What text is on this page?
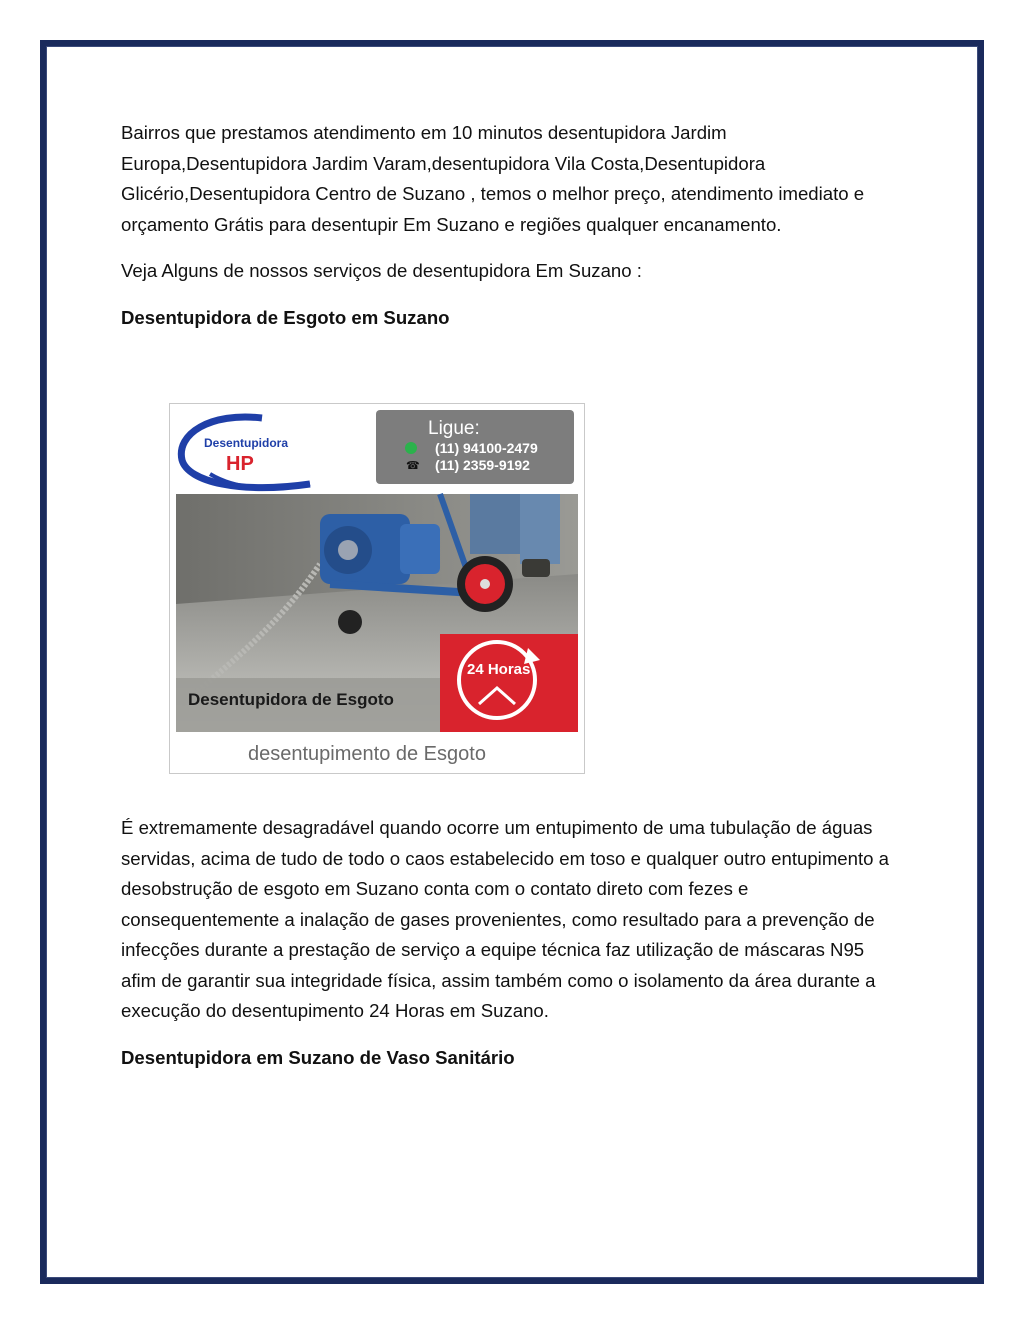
Bairros que prestamos atendimento em 10 minutos desentupidora Jardim Europa,Desentupidora Jardim Varam,desentupidora Vila Costa,Desentupidora Glicério,Desentupidora Centro de Suzano , temos o melhor preço, atendimento imediato e orçamento Grátis para desentupir Em Suzano e regiões qualquer encanamento.

Veja Alguns de nossos serviços de desentupidora Em Suzano :

Desentupidora de Esgoto em Suzano

Desentupidora
HP
Ligue:
☎
(11) 94100-2479
(11) 2359-9192
24 Horas
Desentupidora de Esgoto
desentupimento de Esgoto

É extremamente desagradável quando ocorre um entupimento de uma tubulação de águas servidas, acima de tudo de todo o caos estabelecido em toso e qualquer outro entupimento a desobstrução de esgoto em Suzano conta com o contato direto com fezes e consequentemente a inalação de gases provenientes, como resultado para a prevenção de infecções durante a prestação de serviço a equipe técnica faz utilização de máscaras N95 afim de garantir sua integridade física, assim também como o isolamento da área durante a execução do desentupimento 24 Horas em Suzano.

Desentupidora em Suzano de Vaso Sanitário
